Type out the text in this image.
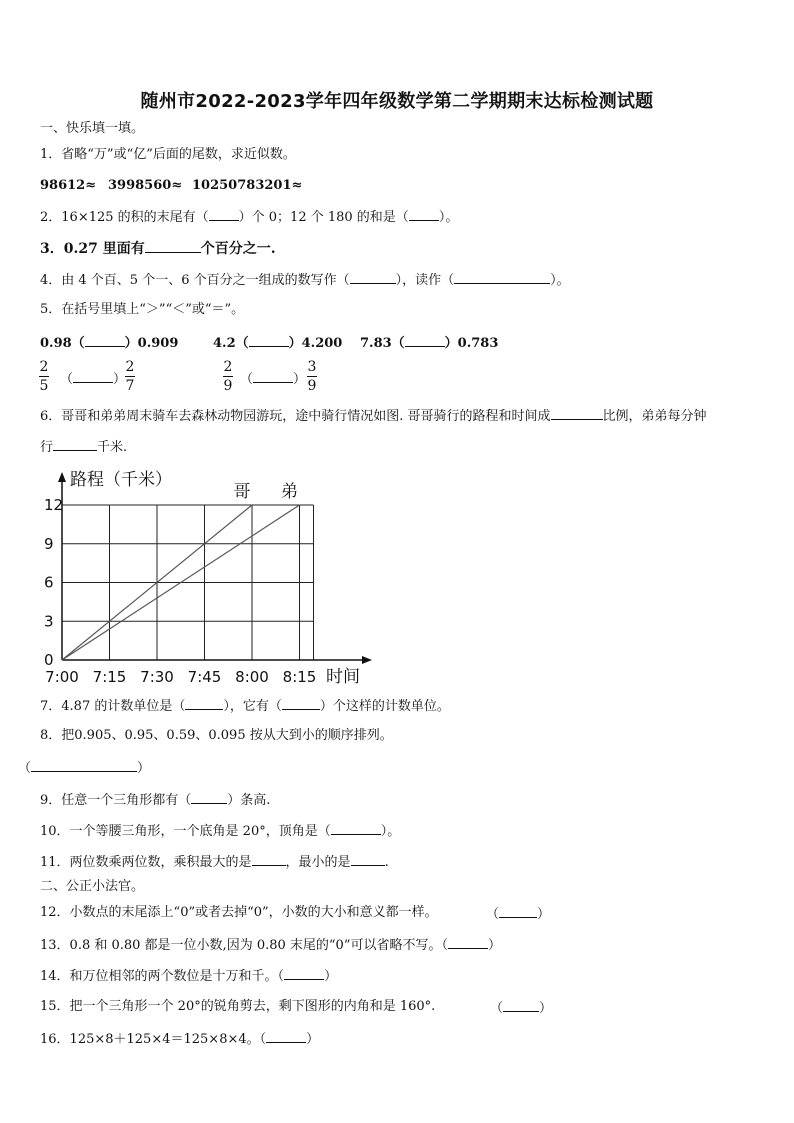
随州市2022-2023学年四年级数学第二学期期末达标检测试题
一、快乐填一填。
1．省略“万”或“亿”后面的尾数，求近似数。
98612≈ 3998560≈ 10250783201≈
2．16×125 的积的末尾有（ ）个 0；12 个 180 的和是（ ）。
3．0.27 里面有	个百分之一.
4．由 4 个百、5 个一、6 个百分之一组成的数写作（	），读作（	）。
5．在括号里填上“＞”“＜”或“＝”。
0.98（	）0.909	4.2（	）4.200 7.83（	）0.783
2
5 （	）
2
7
2
9 （	）
3
9
6．哥哥和弟弟周末骑车去森林动物园游玩，途中骑行情况如图. 哥哥骑行的路程和时间成	比例，弟弟每分钟
行	千米.
0
3
6
9
12
7:00 7:15 7:30 7:45 8:00 8:15
路程（千米）
时间
哥 弟
7．4.87 的计数单位是（	），它有（	）个这样的计数单位。
8．把0.905、0.95、0.59、0.095 按从大到小的顺序排列。
（	）
9．任意一个三角形都有（	）条高.
10．一个等腰三角形，一个底角是 20°，顶角是（	）。
11．两位数乘两位数，乘积最大的是	，最小的是	.
二、公正小法官。
12．小数点的末尾添上“0”或者去掉“0”，小数的大小和意义都一样。	（	）
13．0.8 和 0.80 都是一位小数,因为 0.80 末尾的“0”可以省略不写。（	）
14．和万位相邻的两个数位是十万和千。（	）
15．把一个三角形一个 20°的锐角剪去，剩下图形的内角和是 160°.	（	）
16．125×8＋125×4＝125×8×4。（	）
